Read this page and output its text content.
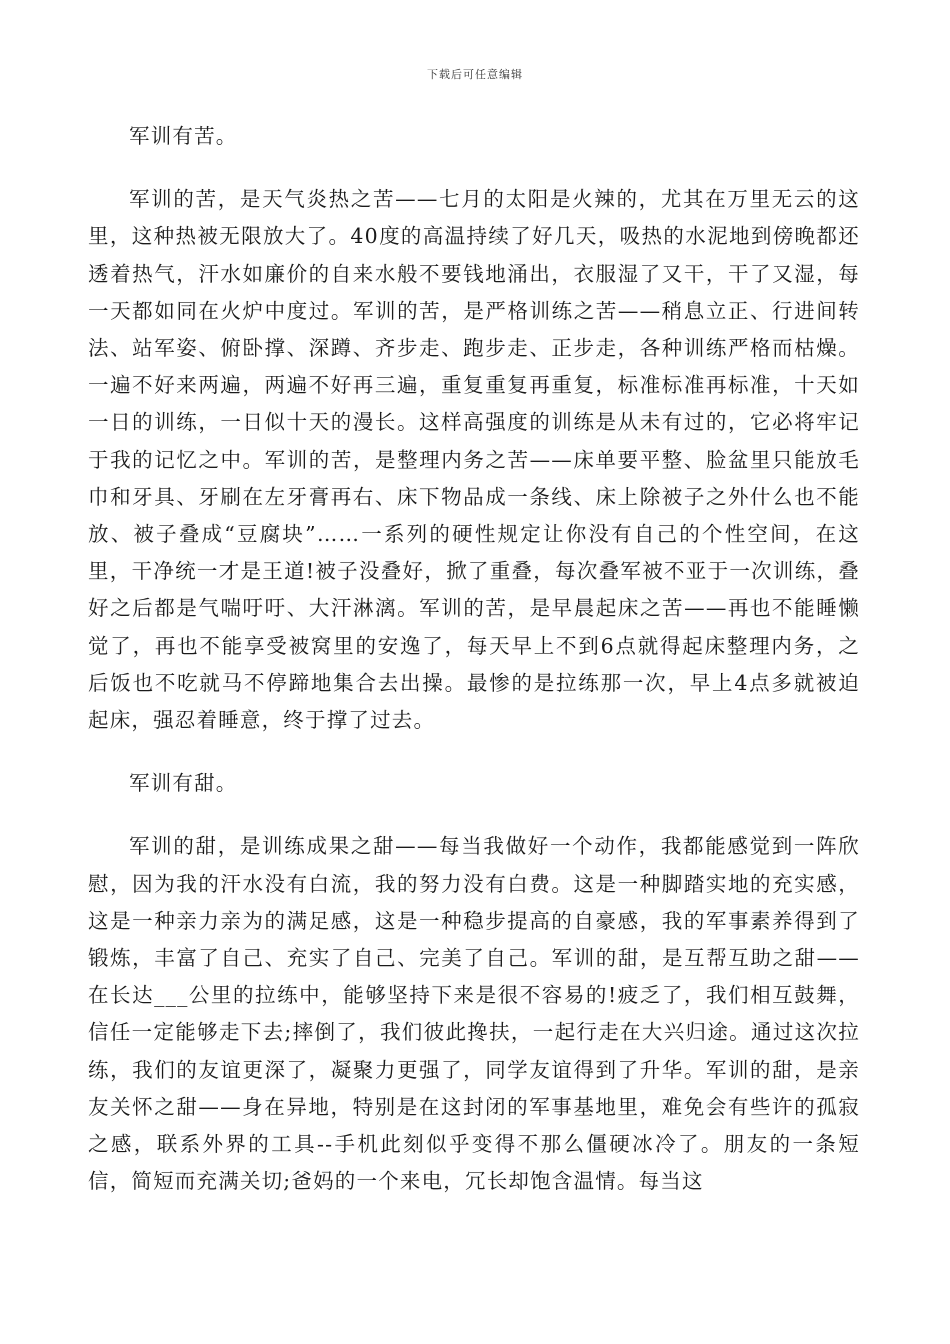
下载后可任意编辑

军训有苦。

军训的苦，是天气炎热之苦——七月的太阳是火辣的，尤其在万里无云的这里，这种热被无限放大了。40度的高温持续了好几天，吸热的水泥地到傍晚都还透着热气，汗水如廉价的自来水般不要钱地涌出，衣服湿了又干，干了又湿，每一天都如同在火炉中度过。军训的苦，是严格训练之苦——稍息立正、行进间转法、站军姿、俯卧撑、深蹲、齐步走、跑步走、正步走，各种训练严格而枯燥。一遍不好来两遍，两遍不好再三遍，重复重复再重复，标准标准再标准，十天如一日的训练，一日似十天的漫长。这样高强度的训练是从未有过的，它必将牢记于我的记忆之中。军训的苦，是整理内务之苦——床单要平整、脸盆里只能放毛巾和牙具、牙刷在左牙膏再右、床下物品成一条线、床上除被子之外什么也不能放、被子叠成“豆腐块”……一系列的硬性规定让你没有自己的个性空间，在这里，干净统一才是王道!被子没叠好，掀了重叠，每次叠军被不亚于一次训练，叠好之后都是气喘吁吁、大汗淋漓。军训的苦，是早晨起床之苦——再也不能睡懒觉了，再也不能享受被窝里的安逸了，每天早上不到6点就得起床整理内务，之后饭也不吃就马不停蹄地集合去出操。最惨的是拉练那一次，早上4点多就被迫起床，强忍着睡意，终于撑了过去。

军训有甜。

军训的甜，是训练成果之甜——每当我做好一个动作，我都能感觉到一阵欣慰，因为我的汗水没有白流，我的努力没有白费。这是一种脚踏实地的充实感，这是一种亲力亲为的满足感，这是一种稳步提高的自豪感，我的军事素养得到了锻炼，丰富了自己、充实了自己、完美了自己。军训的甜，是互帮互助之甜——在长达___公里的拉练中，能够坚持下来是很不容易的!疲乏了，我们相互鼓舞，信任一定能够走下去;摔倒了，我们彼此搀扶，一起行走在大兴归途。通过这次拉练，我们的友谊更深了，凝聚力更强了，同学友谊得到了升华。军训的甜，是亲友关怀之甜——身在异地，特别是在这封闭的军事基地里，难免会有些许的孤寂之感，联系外界的工具--手机此刻似乎变得不那么僵硬冰冷了。朋友的一条短信，简短而充满关切;爸妈的一个来电，冗长却饱含温情。每当这
